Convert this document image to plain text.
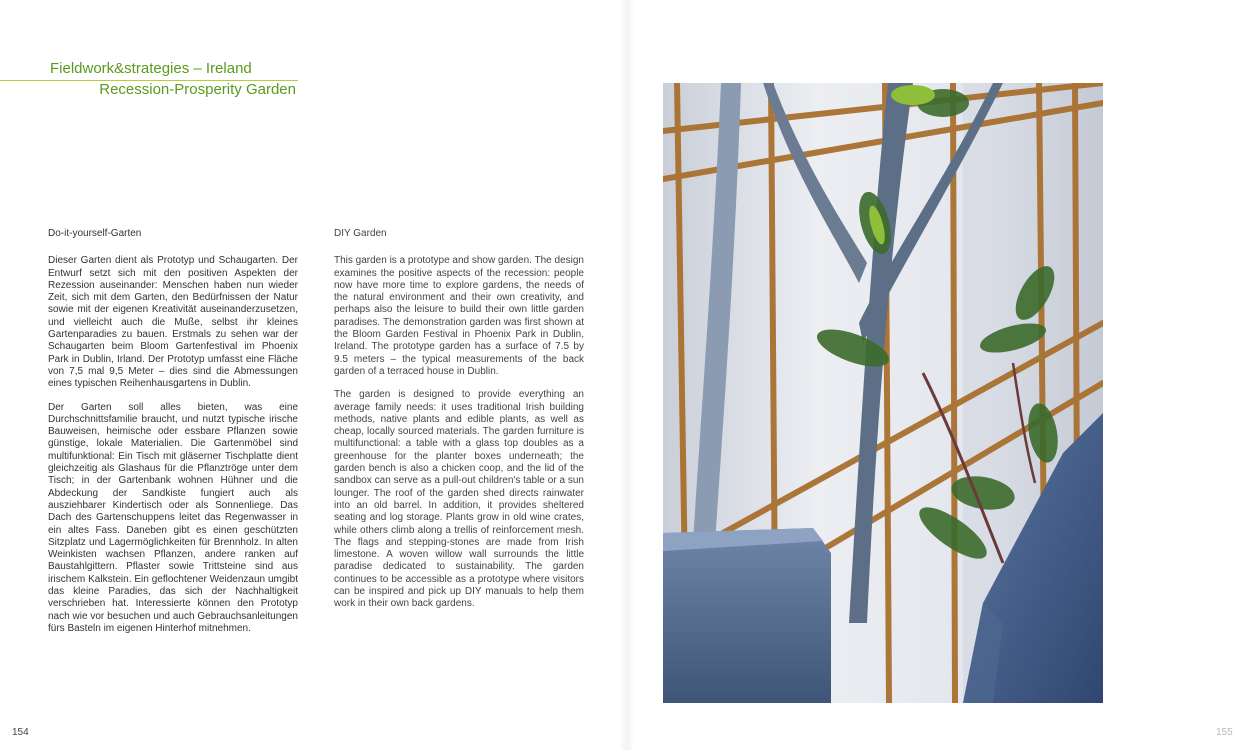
Fieldwork&strategies – Ireland
Recession-Prosperity Garden
Do-it-yourself-Garten

Dieser Garten dient als Prototyp und Schaugarten. Der Entwurf setzt sich mit den positiven Aspekten der Rezession auseinander: Menschen haben nun wieder Zeit, sich mit dem Garten, den Bedürfnissen der Natur sowie mit der eigenen Kreativität auseinanderzusetzen, und vielleicht auch die Muße, selbst ihr kleines Gartenparadies zu bauen. Erstmals zu sehen war der Schaugarten beim Bloom Gartenfestival im Phoenix Park in Dublin, Irland. Der Prototyp umfasst eine Fläche von 7,5 mal 9,5 Meter – dies sind die Abmessungen eines typischen Reihenhausgartens in Dublin.

Der Garten soll alles bieten, was eine Durchschnittsfamilie braucht, und nutzt typische irische Bauweisen, heimische oder essbare Pflanzen sowie günstige, lokale Materialien. Die Gartenmöbel sind multifunktional: Ein Tisch mit gläserner Tischplatte dient gleichzeitig als Glashaus für die Pflanztröge unter dem Tisch; in der Gartenbank wohnen Hühner und die Abdeckung der Sandkiste fungiert auch als ausziehbarer Kindertisch oder als Sonnenliege. Das Dach des Gartenschuppens leitet das Regenwasser in ein altes Fass. Daneben gibt es einen geschützten Sitzplatz und Lagermöglichkeiten für Brennholz. In alten Weinkisten wachsen Pflanzen, andere ranken auf Baustahlgittern. Pflaster sowie Trittsteine sind aus irischem Kalkstein. Ein geflochtener Weidenzaun umgibt das kleine Paradies, das sich der Nachhaltigkeit verschrieben hat. Interessierte können den Prototyp nach wie vor besuchen und auch Gebrauchsanleitungen fürs Basteln im eigenen Hinterhof mitnehmen.

DIY Garden

This garden is a prototype and show garden. The design examines the positive aspects of the recession: people now have more time to explore gardens, the needs of the natural environment and their own creativity, and perhaps also the leisure to build their own little garden paradises. The demonstration garden was first shown at the Bloom Garden Festival in Phoenix Park in Dublin, Ireland. The prototype garden has a surface of 7.5 by 9.5 meters – the typical measurements of the back garden of a terraced house in Dublin.

The garden is designed to provide everything an average family needs: it uses traditional Irish building methods, native plants and edible plants, as well as cheap, locally sourced materials. The garden furniture is multifunctional: a table with a glass top doubles as a greenhouse for the planter boxes underneath; the garden bench is also a chicken coop, and the lid of the sandbox can serve as a pull-out children's table or a sun lounger. The roof of the garden shed directs rainwater into an old barrel. In addition, it provides sheltered seating and log storage. Plants grow in old wine crates, while others climb along a trellis of reinforcement mesh. The flags and stepping-stones are made from Irish limestone. A woven willow wall surrounds the little paradise dedicated to sustainability. The garden continues to be accessible as a prototype where visitors can be inspired and pick up DIY manuals to help them work in their own back gardens.

154	155
